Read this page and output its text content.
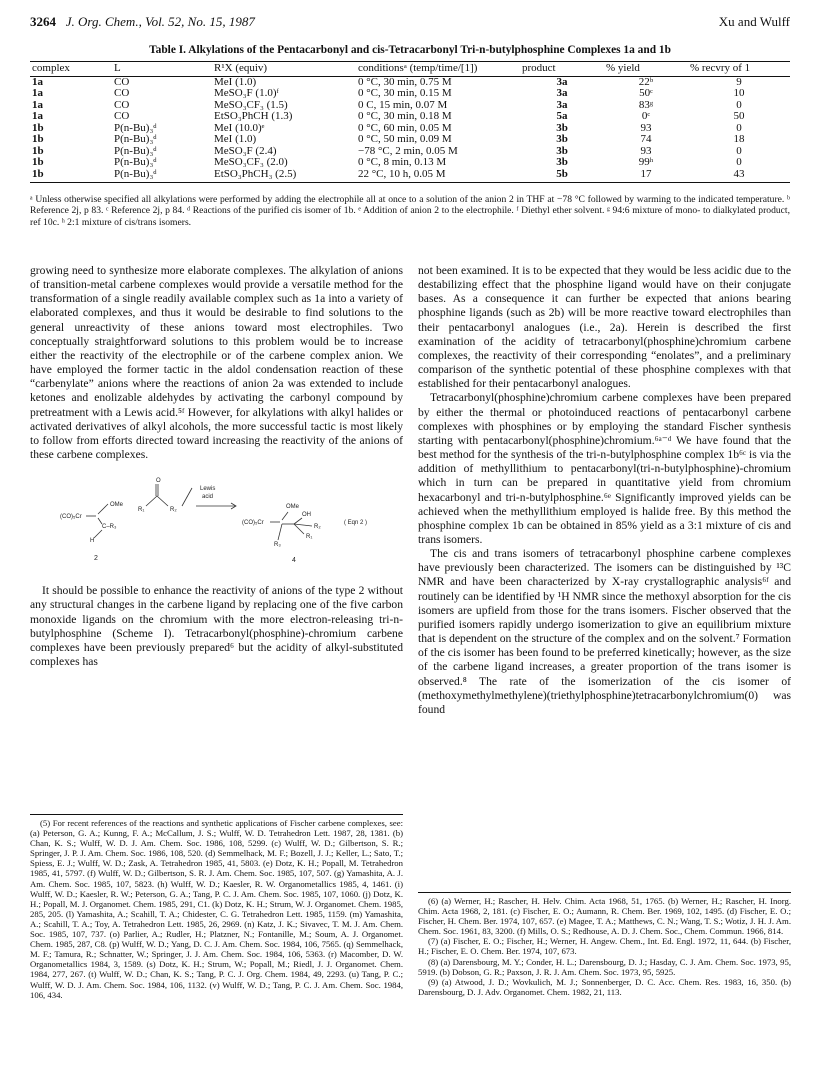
3264 J. Org. Chem., Vol. 52, No. 15, 1987	Xu and Wulff
Table I. Alkylations of the Pentacarbonyl and cis-Tetracarbonyl Tri-n-butylphosphine Complexes 1a and 1b
complex	L	R¹X (equiv)	conditionsᵃ (temp/time/[1])	product	% yield	% recvry of 1
1a	CO	MeI (1.0)	0 °C, 30 min, 0.75 M	3a	22ᵇ	9
1a	CO	MeSO₃F (1.0)ᶠ	0 °C, 30 min, 0.15 M	3a	50ᶜ	10
1a	CO	MeSO₃CF₃ (1.5)	0 C, 15 min, 0.07 M	3a	83ᵍ	0
1a	CO	EtSO₃PhCH (1.3)	0 °C, 30 min, 0.18 M	5a	0ᶜ	50
1b	P(n-Bu)₃ᵈ	MeI (10.0)ᵉ	0 °C, 60 min, 0.05 M	3b	93	0
1b	P(n-Bu)₃ᵈ	MeI (1.0)	0 °C, 50 min, 0.09 M	3b	74	18
1b	P(n-Bu)₃ᵈ	MeSO₃F (2.4)	−78 °C, 2 min, 0.05 M	3b	93	0
1b	P(n-Bu)₃ᵈ	MeSO₃CF₃ (2.0)	0 °C, 8 min, 0.13 M	3b	99ʰ	0
1b	P(n-Bu)₃ᵈ	EtSO₃PhCH₃ (2.5)	22 °C, 10 h, 0.05 M	5b	17	43
ᵃ Unless otherwise specified all alkylations were performed by adding the electrophile all at once to a solution of the anion 2 in THF at −78 °C followed by warming to the indicated temperature. ᵇ Reference 2j, p 83. ᶜ Reference 2j, p 84. ᵈ Reactions of the purified cis isomer of 1b. ᵉ Addition of anion 2 to the electrophile. ᶠ Diethyl ether solvent. ᵍ 94:6 mixture of mono- to dialkylated product, ref 10c. ʰ 2:1 mixture of cis/trans isomers.

growing need to synthesize more elaborate complexes. The alkylation of anions of transition-metal carbene complexes would provide a versatile method for the transformation of a single readily available complex such as 1a into a variety of elaborated complexes, and thus it would be desirable to find solutions to the general unreactivity of these anions toward most electrophiles. Two conceptually straightforward solutions to this problem would be to increase either the reactivity of the electrophile or of the carbene complex anion. We have employed the former tactic in the aldol condensation reaction of these “carbenylate” anions where the reactions of anion 2a was extended to include ketones and enolizable aldehydes by activating the carbonyl compound by pretreatment with a Lewis acid.⁵ᶠ However, for alkylations with alkyl halides or activated derivatives of alkyl alcohols, the more successful tactic is most likely to follow from efforts directed toward increasing the reactivity of the anions of these carbene complexes.

(CO)₅Cr
OMe
C–R₃
H
2
O
R₁	R₂
Lewis
acid
(CO)₅Cr
OMe
OH
R₂
R₁
R₃
4
( Eqn 2 )

It should be possible to enhance the reactivity of anions of the type 2 without any structural changes in the carbene ligand by replacing one of the five carbon monoxide ligands on the chromium with the more electron-releasing tri-n-butylphosphine (Scheme I). Tetracarbonyl(phosphine)-chromium carbene complexes have been previously prepared⁶ but the acidity of alkyl-substituted complexes has

not been examined. It is to be expected that they would be less acidic due to the destabilizing effect that the phosphine ligand would have on their conjugate bases. As a consequence it can further be expected that anions bearing phosphine ligands (such as 2b) will be more reactive toward electrophiles than their pentacarbonyl analogues (i.e., 2a). Herein is described the first examination of the acidity of tetracarbonyl(phosphine)chromium carbene complexes, the reactivity of their corresponding “enolates”, and a preliminary comparison of the synthetic potential of these phosphine complexes with that established for their pentacarbonyl analogues.

Tetracarbonyl(phosphine)chromium carbene complexes have been prepared by either the thermal or photoinduced reactions of pentacarbonyl carbene complexes with phosphines or by employing the standard Fischer synthesis starting with pentacarbonyl(phosphine)chromium.⁶ᵃ⁻ᵈ We have found that the best method for the synthesis of the tri-n-butylphosphine complex 1b⁶ᶜ is via the addition of methyllithium to pentacarbonyl(tri-n-butylphosphine)-chromium which in turn can be prepared in quantitative yield from chromium hexacarbonyl and tri-n-butylphosphine.⁶ᵉ Significantly improved yields can be achieved when the methyllithium employed is halide free. By this method the phosphine complex 1b can be obtained in 85% yield as a 3:1 mixture of cis and trans isomers.

The cis and trans isomers of tetracarbonyl phosphine carbene complexes have previously been characterized. The isomers can be distinguished by ¹³C NMR and have been characterized by X-ray crystallographic analysis⁶ᶠ and routinely can be identified by ¹H NMR since the methoxyl absorption for the cis isomers are upfield from those for the trans isomers. Fischer observed that the purified isomers rapidly undergo isomerization to give an equilibrium mixture that is dependent on the structure of the complex and on the solvent.⁷ Formation of the cis isomer has been found to be preferred kinetically; however, as the size of the carbene ligand increases, a greater proportion of the trans isomer is observed.⁸ The rate of the isomerization of the cis isomer of (methoxymethylmethylene)(triethylphosphine)tetracarbonylchromium(0) was found

(5) For recent references of the reactions and synthetic applications of Fischer carbene complexes, see: (a) Peterson, G. A.; Kunng, F. A.; McCallum, J. S.; Wulff, W. D. Tetrahedron Lett. 1987, 28, 1381. (b) Chan, K. S.; Wulff, W. D. J. Am. Chem. Soc. 1986, 108, 5299. (c) Wulff, W. D.; Gilbertson, S. R.; Springer, J. P. J. Am. Chem. Soc. 1986, 108, 520. (d) Semmelhack, M. F.; Bozell, J. J.; Keller, L.; Sato, T.; Spiess, E. J.; Wulff, W. D.; Zask, A. Tetrahedron 1985, 41, 5803. (e) Dotz, K. H.; Popall, M. Tetrahedron 1985, 41, 5797. (f) Wulff, W. D.; Gilbertson, S. R. J. Am. Chem. Soc. 1985, 107, 507. (g) Yamashita, A. J. Am. Chem. Soc. 1985, 107, 5823. (h) Wulff, W. D.; Kaesler, R. W. Organometallics 1985, 4, 1461. (i) Wulff, W. D.; Kaesler, R. W.; Peterson, G. A.; Tang, P. C. J. Am. Chem. Soc. 1985, 107, 1060. (j) Dotz, K. H.; Popall, M. J. Organomet. Chem. 1985, 291, C1. (k) Dotz, K. H.; Strum, W. J. Organomet. Chem. 1985, 285, 205. (l) Yamashita, A.; Scahill, T. A.; Chidester, C. G. Tetrahedron Lett. 1985, 1159. (m) Yamashita, A.; Scahill, T. A.; Toy, A. Tetrahedron Lett. 1985, 26, 2969. (n) Katz, J. K.; Sivavec, T. M. J. Am. Chem. Soc. 1985, 107, 737. (o) Parlier, A.; Rudler, H.; Platzner, N.; Fontanille, M.; Soum, A. J. Organomet. Chem. 1985, 287, C8. (p) Wulff, W. D.; Yang, D. C. J. Am. Chem. Soc. 1984, 106, 7565. (q) Semmelhack, M. F.; Tamura, R.; Schnatter, W.; Springer, J. J. Am. Chem. Soc. 1984, 106, 5363. (r) Macomber, D. W. Organometallics 1984, 3, 1589. (s) Dotz, K. H.; Strum, W.; Popall, M.; Riedl, J. J. Organomet. Chem. 1984, 277, 267. (t) Wulff, W. D.; Chan, K. S.; Tang, P. C. J. Org. Chem. 1984, 49, 2293. (u) Tang, P. C.; Wulff, W. D. J. Am. Chem. Soc. 1984, 106, 1132. (v) Wulff, W. D.; Tang, P. C. J. Am. Chem. Soc. 1984, 106, 434.

(6) (a) Werner, H.; Rascher, H. Helv. Chim. Acta 1968, 51, 1765. (b) Werner, H.; Rascher, H. Inorg. Chim. Acta 1968, 2, 181. (c) Fischer, E. O.; Aumann, R. Chem. Ber. 1969, 102, 1495. (d) Fischer, E. O.; Fischer, H. Chem. Ber. 1974, 107, 657. (e) Magee, T. A.; Matthews, C. N.; Wang, T. S.; Wotiz, J. H. J. Am. Chem. Soc. 1961, 83, 3200. (f) Mills, O. S.; Redhouse, A. D. J. Chem. Soc., Chem. Commun. 1966, 814.

(7) (a) Fischer, E. O.; Fischer, H.; Werner, H. Angew. Chem., Int. Ed. Engl. 1972, 11, 644. (b) Fischer, H.; Fischer, E. O. Chem. Ber. 1974, 107, 673.

(8) (a) Darensbourg, M. Y.; Conder, H. L.; Darensbourg, D. J.; Hasday, C. J. Am. Chem. Soc. 1973, 95, 5919. (b) Dobson, G. R.; Paxson, J. R. J. Am. Chem. Soc. 1973, 95, 5925.

(9) (a) Atwood, J. D.; Wovkulich, M. J.; Sonnenberger, D. C. Acc. Chem. Res. 1983, 16, 350. (b) Darensbourg, D. J. Adv. Organomet. Chem. 1982, 21, 113.
